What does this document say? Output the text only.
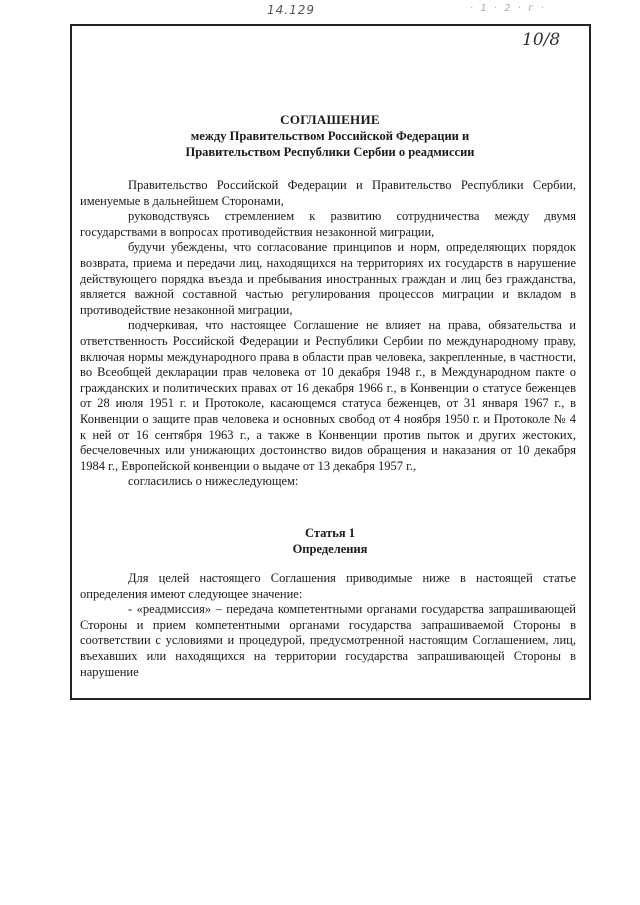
14.129	· 1 · 2 · г ·
10/8
СОГЛАШЕНИЕ
между Правительством Российской Федерации и
Правительством Республики Сербии о реадмиссии

Правительство Российской Федерации и Правительство Республики Сербии, именуемые в дальнейшем Сторонами,

руководствуясь стремлением к развитию сотрудничества между двумя государствами в вопросах противодействия незаконной миграции,

будучи убеждены, что согласование принципов и норм, определяющих порядок возврата, приема и передачи лиц, находящихся на территориях их государств в нарушение действующего порядка въезда и пребывания иностранных граждан и лиц без гражданства, является важной составной частью регулирования процессов миграции и вкладом в противодействие незаконной миграции,

подчеркивая, что настоящее Соглашение не влияет на права, обязательства и ответственность Российской Федерации и Республики Сербии по международному праву, включая нормы международного права в области прав человека, закрепленные, в частности, во Всеобщей декларации прав человека от 10 декабря 1948 г., в Международном пакте о гражданских и политических правах от 16 декабря 1966 г., в Конвенции о статусе беженцев от 28 июля 1951 г. и Протоколе, касающемся статуса беженцев, от 31 января 1967 г., в Конвенции о защите прав человека и основных свобод от 4 ноября 1950 г. и Протоколе № 4 к ней от 16 сентября 1963 г., а также в Конвенции против пыток и других жестоких, бесчеловечных или унижающих достоинство видов обращения и наказания от 10 декабря 1984 г., Европейской конвенции о выдаче от 13 декабря 1957 г.,

согласились о нижеследующем:

Статья 1
Определения

Для целей настоящего Соглашения приводимые ниже в настоящей статье определения имеют следующее значение:

- «реадмиссия» – передача компетентными органами государства запрашивающей Стороны и прием компетентными органами государства запрашиваемой Стороны в соответствии с условиями и процедурой, предусмотренной настоящим Соглашением, лиц, въехавших или находящихся на территории государства запрашивающей Стороны в нарушение
